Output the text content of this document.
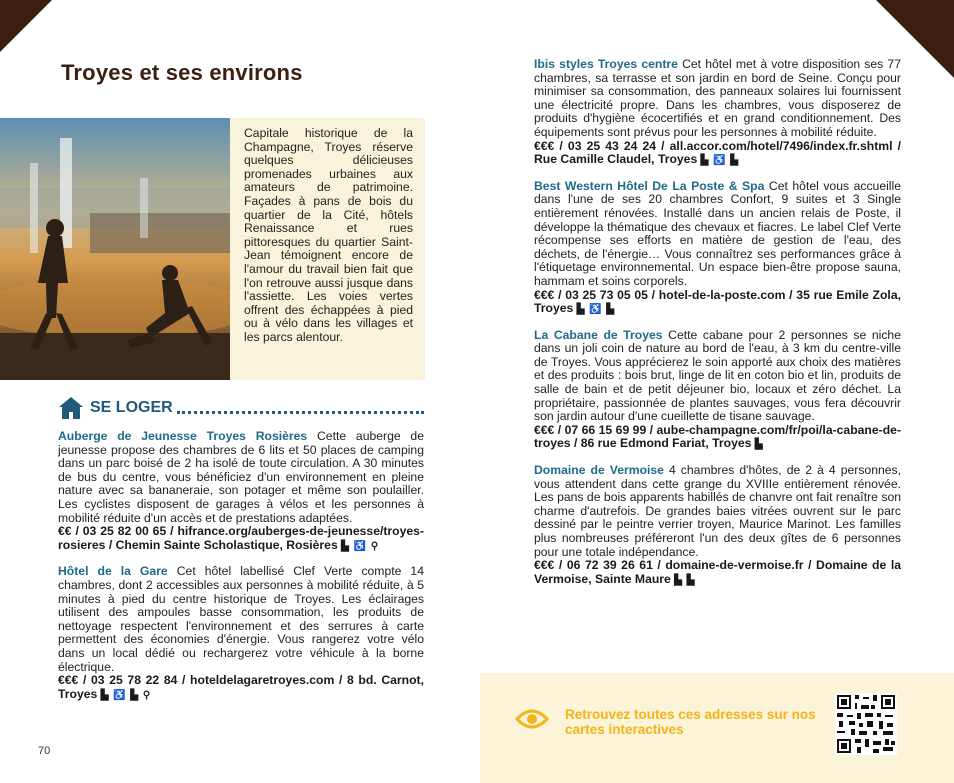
Troyes et ses environs

Capitale historique de la Champagne, Troyes réserve quelques délicieuses promenades urbaines aux amateurs de patrimoine. Façades à pans de bois du quartier de la Cité, hôtels Renaissance et rues pittoresques du quartier Saint-Jean témoignent encore de l'amour du travail bien fait que l'on retrouve aussi jusque dans l'assiette. Les voies vertes offrent des échappées à pied ou à vélo dans les villages et les parcs alentour.

SE LOGER

Auberge de Jeunesse Troyes Rosières Cette auberge de jeunesse propose des chambres de 6 lits et 50 places de camping dans un parc boisé de 2 ha isolé de toute circulation. A 30 minutes de bus du centre, vous bénéficiez d'un environnement en pleine nature avec sa bananeraie, son potager et même son poulailler. Les cyclistes disposent de garages à vélos et les personnes à mobilité réduite d'un accès et de prestations adaptées.
€€ / 03 25 82 00 65 / hifrance.org/auberges-de-jeunesse/troyes-rosieres / Chemin Sainte Scholastique, Rosières ▙ ♿ ⚲

Hôtel de la Gare Cet hôtel labellisé Clef Verte compte 14 chambres, dont 2 accessibles aux personnes à mobilité réduite, à 5 minutes à pied du centre historique de Troyes. Les éclairages utilisent des ampoules basse consommation, les produits de nettoyage respectent l'environnement et des serrures à carte permettent des économies d'énergie. Vous rangerez votre vélo dans un local dédié ou rechargerez votre véhicule à la borne électrique.
€€€ / 03 25 78 22 84 / hoteldelagaretroyes.com / 8 bd. Carnot, Troyes ▙ ♿ ▙ ⚲

Ibis styles Troyes centre Cet hôtel met à votre disposition ses 77 chambres, sa terrasse et son jardin en bord de Seine. Conçu pour minimiser sa consommation, des panneaux solaires lui fournissent une électricité propre. Dans les chambres, vous disposerez de produits d'hygiène écocertifiés et en grand conditionnement. Des équipements sont prévus pour les personnes à mobilité réduite.
€€€ / 03 25 43 24 24 / all.accor.com/hotel/7496/index.fr.shtml / Rue Camille Claudel, Troyes ▙ ♿ ▙

Best Western Hôtel De La Poste & Spa Cet hôtel vous accueille dans l'une de ses 20 chambres Confort, 9 suites et 3 Single entièrement rénovées. Installé dans un ancien relais de Poste, il développe la thématique des chevaux et fiacres. Le label Clef Verte récompense ses efforts en matière de gestion de l'eau, des déchets, de l'énergie… Vous connaîtrez ses performances grâce à l'étiquetage environnemental. Un espace bien-être propose sauna, hammam et soins corporels.
€€€ / 03 25 73 05 05 / hotel-de-la-poste.com / 35 rue Emile Zola, Troyes ▙ ♿ ▙

La Cabane de Troyes Cette cabane pour 2 personnes se niche dans un joli coin de nature au bord de l'eau, à 3 km du centre-ville de Troyes. Vous apprécierez le soin apporté aux choix des matières et des produits : bois brut, linge de lit en coton bio et lin, produits de salle de bain et de petit déjeuner bio, locaux et zéro déchet. La propriétaire, passionnée de plantes sauvages, vous fera découvrir son jardin autour d'une cueillette de tisane sauvage.
€€€ / 07 66 15 69 99 / aube-champagne.com/fr/poi/la-cabane-de-troyes / 86 rue Edmond Fariat, Troyes ▙

Domaine de Vermoise 4 chambres d'hôtes, de 2 à 4 personnes, vous attendent dans cette grange du XVIIIe entièrement rénovée. Les pans de bois apparents habillés de chanvre ont fait renaître son charme d'autrefois. De grandes baies vitrées ouvrent sur le parc dessiné par le peintre verrier troyen, Maurice Marinot. Les familles plus nombreuses préféreront l'un des deux gîtes de 6 personnes pour une totale indépendance.
€€€ / 06 72 39 26 61 / domaine-de-vermoise.fr / Domaine de la Vermoise, Sainte Maure ▙ ▙

70

Retrouvez toutes ces adresses sur nos cartes interactives
